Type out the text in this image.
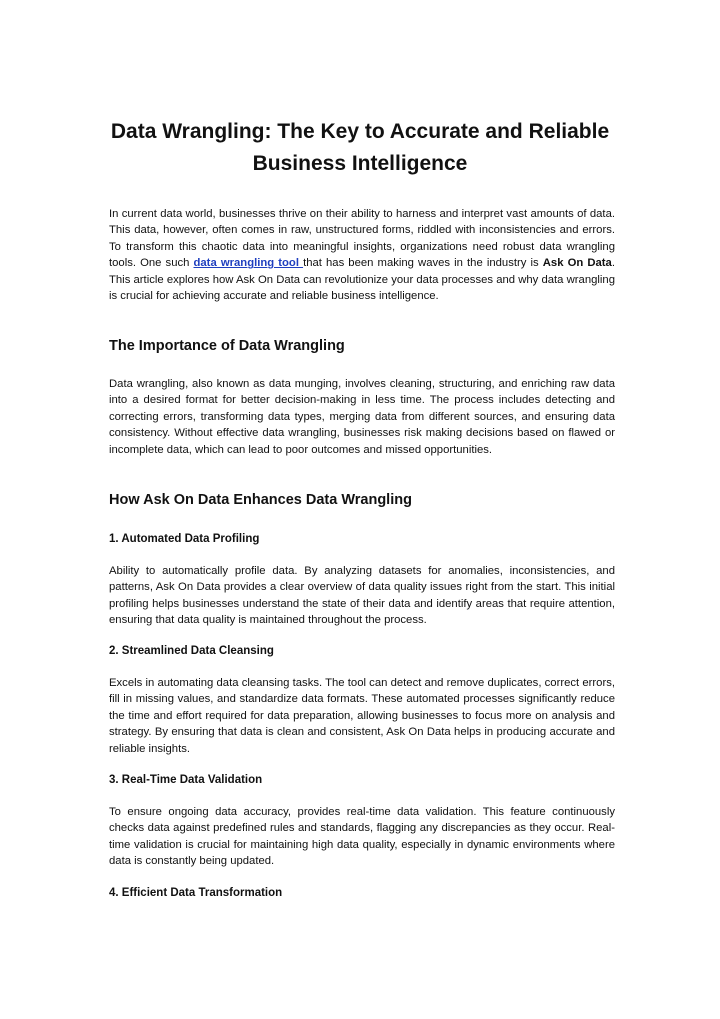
Data Wrangling: The Key to Accurate and Reliable Business Intelligence

In current data world, businesses thrive on their ability to harness and interpret vast amounts of data. This data, however, often comes in raw, unstructured forms, riddled with inconsistencies and errors. To transform this chaotic data into meaningful insights, organizations need robust data wrangling tools. One such data wrangling tool that has been making waves in the industry is Ask On Data. This article explores how Ask On Data can revolutionize your data processes and why data wrangling is crucial for achieving accurate and reliable business intelligence.

The Importance of Data Wrangling

Data wrangling, also known as data munging, involves cleaning, structuring, and enriching raw data into a desired format for better decision-making in less time. The process includes detecting and correcting errors, transforming data types, merging data from different sources, and ensuring data consistency. Without effective data wrangling, businesses risk making decisions based on flawed or incomplete data, which can lead to poor outcomes and missed opportunities.

How Ask On Data Enhances Data Wrangling
1. Automated Data Profiling

Ability to automatically profile data. By analyzing datasets for anomalies, inconsistencies, and patterns, Ask On Data provides a clear overview of data quality issues right from the start. This initial profiling helps businesses understand the state of their data and identify areas that require attention, ensuring that data quality is maintained throughout the process.

2. Streamlined Data Cleansing

Excels in automating data cleansing tasks. The tool can detect and remove duplicates, correct errors, fill in missing values, and standardize data formats. These automated processes significantly reduce the time and effort required for data preparation, allowing businesses to focus more on analysis and strategy. By ensuring that data is clean and consistent, Ask On Data helps in producing accurate and reliable insights.

3. Real-Time Data Validation

To ensure ongoing data accuracy, provides real-time data validation. This feature continuously checks data against predefined rules and standards, flagging any discrepancies as they occur. Real-time validation is crucial for maintaining high data quality, especially in dynamic environments where data is constantly being updated.

4. Efficient Data Transformation
